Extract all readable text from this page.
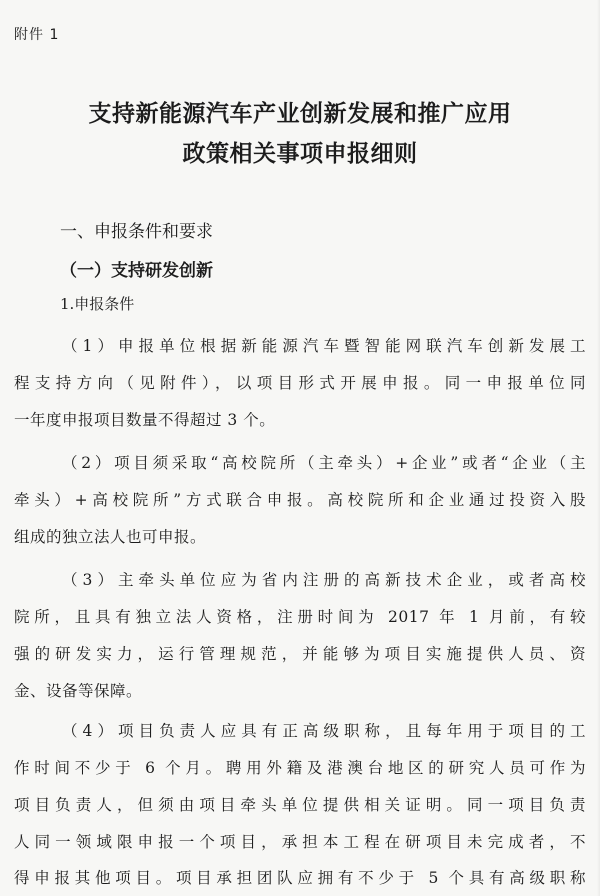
附件 1
支持新能源汽车产业创新发展和推广应用
政策相关事项申报细则
一、申报条件和要求
（一）支持研发创新
1.申报条件
（1）申报单位根据新能源汽车暨智能网联汽车创新发展工
程支持方向（见附件），以项目形式开展申报。同一申报单位同
一年度申报项目数量不得超过 3 个。
（2）项目须采取“高校院所（主牵头）+企业”或者“企业（主
牵头）+高校院所”方式联合申报。高校院所和企业通过投资入股
组成的独立法人也可申报。
（3）主牵头单位应为省内注册的高新技术企业，或者高校
院所，且具有独立法人资格，注册时间为 2017 年 1 月前，有较
强的研发实力，运行管理规范，并能够为项目实施提供人员、资
金、设备等保障。
（4）项目负责人应具有正高级职称，且每年用于项目的工
作时间不少于 6 个月。聘用外籍及港澳台地区的研究人员可作为
项目负责人，但须由项目牵头单位提供相关证明。同一项目负责
人同一领域限申报一个项目，承担本工程在研项目未完成者，不
得申报其他项目。项目承担团队应拥有不少于 5 个具有高级职称
